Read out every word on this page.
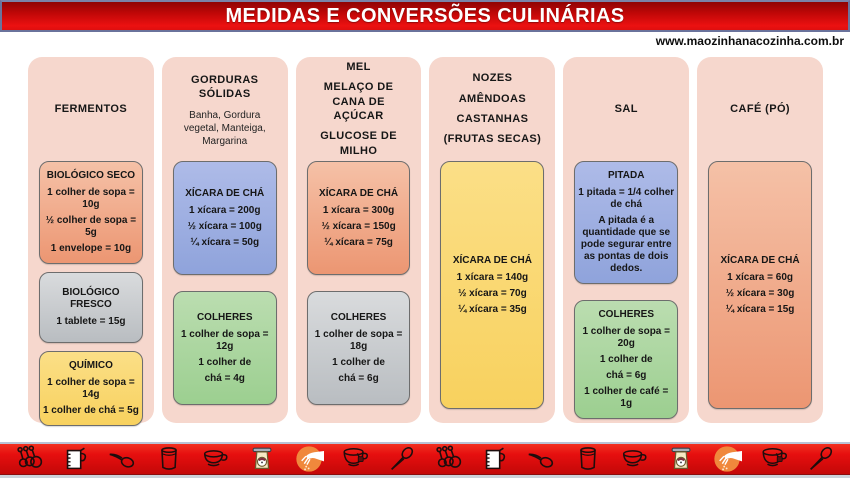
MEDIDAS E CONVERSÕES CULINÁRIAS
www.maozinhanacozinha.com.br
FERMENTOS
BIOLÓGICO SECO
1 colher de sopa = 10g
½ colher de sopa = 5g
1 envelope = 10g
BIOLÓGICO FRESCO
1 tablete = 15g
QUÍMICO
1 colher de sopa = 14g
1 colher de chá = 5g
GORDURAS SÓLIDAS
Banha, Gordura vegetal, Manteiga, Margarina
XÍCARA DE CHÁ
1 xícara = 200g
½ xícara = 100g
¼ xícara = 50g
COLHERES
1 colher de sopa = 12g
1 colher de
chá = 4g
MEL
MELAÇO DE CANA DE AÇÚCAR
GLUCOSE DE MILHO
XÍCARA DE CHÁ
1 xícara = 300g
½ xícara = 150g
¼ xícara = 75g
COLHERES
1 colher de sopa = 18g
1 colher de
chá = 6g
NOZES
AMÊNDOAS
CASTANHAS
(FRUTAS SECAS)
XÍCARA DE CHÁ
1 xícara = 140g
½ xícara = 70g
¼ xícara = 35g
SAL
PITADA
1 pitada = 1/4 colher de chá
A pitada é a quantidade que se pode segurar entre as pontas de dois dedos.
COLHERES
1 colher de sopa = 20g
1 colher de
chá = 6g
1 colher de café = 1g
CAFÉ (PÓ)
XÍCARA DE CHÁ
1 xícara = 60g
½ xícara = 30g
¼ xícara = 15g
